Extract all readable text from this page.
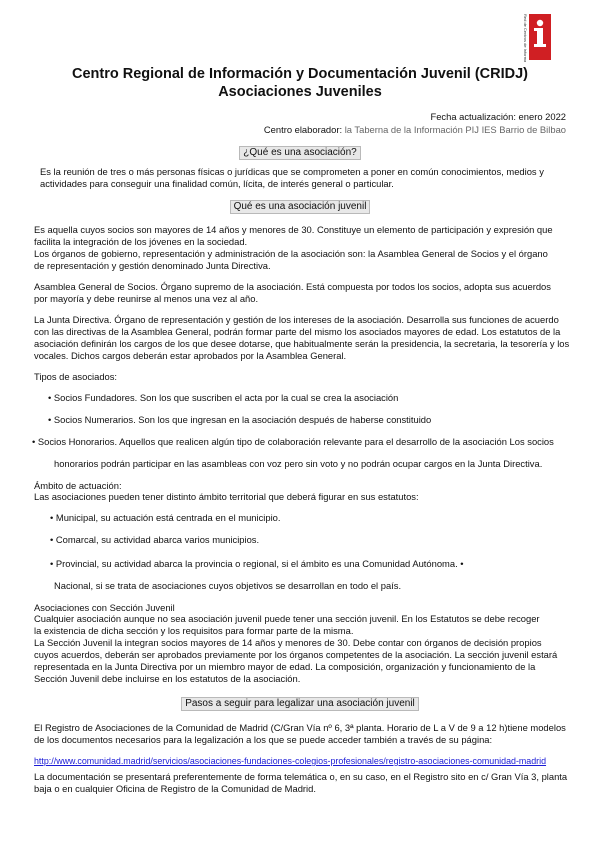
Red de Centros de Información Juvenil
Centro Regional de Información y Documentación Juvenil (CRIDJ)
Asociaciones Juveniles
Fecha actualización: enero 2022
Centro elaborador: la Taberna de la Información PIJ IES Barrio de Bilbao
¿Qué es una asociación?
Es la reunión de tres o más personas físicas o jurídicas que se comprometen a poner en común conocimientos, medios y
actividades para conseguir una finalidad común, lícita, de interés general o particular.
Qué es una asociación juvenil
Es aquella cuyos socios son mayores de 14 años y menores de 30. Constituye un elemento de participación y expresión que
facilita la integración de los jóvenes en la sociedad.
Los órganos de gobierno, representación y administración de la asociación son: la Asamblea General de Socios y el órgano
de representación y gestión denominado Junta Directiva.
Asamblea General de Socios. Órgano supremo de la asociación. Está compuesta por todos los socios, adopta sus acuerdos
por mayoría y debe reunirse al menos una vez al año.
La Junta Directiva. Órgano de representación y gestión de los intereses de la asociación. Desarrolla sus funciones de acuerdo
con las directivas de la Asamblea General, podrán formar parte del mismo los asociados mayores de edad. Los estatutos de la
asociación definirán los cargos de los que desee dotarse, que habitualmente serán la presidencia, la secretaria, la tesorería y los
vocales. Dichos cargos deberán estar aprobados por la Asamblea General.
Tipos de asociados:
• Socios Fundadores. Son los que suscriben el acta por la cual se crea la asociación
• Socios Numerarios. Son los que ingresan en la asociación después de haberse constituido
• Socios Honorarios. Aquellos que realicen algún tipo de colaboración relevante para el desarrollo de la asociación Los socios
honorarios podrán participar en las asambleas con voz pero sin voto y no podrán ocupar cargos en la Junta Directiva.
Ámbito de actuación:
Las asociaciones pueden tener distinto ámbito territorial que deberá figurar en sus estatutos:
• Municipal, su actuación está centrada en el municipio.
• Comarcal, su actividad abarca varios municipios.
• Provincial, su actividad abarca la provincia o regional, si el ámbito es una Comunidad Autónoma. •
Nacional, si se trata de asociaciones cuyos objetivos se desarrollan en todo el país.
Asociaciones con Sección Juvenil
Cualquier asociación aunque no sea asociación juvenil puede tener una sección juvenil. En los Estatutos se debe recoger
la existencia de dicha sección y los requisitos para formar parte de la misma.
La Sección Juvenil la integran socios mayores de 14 años y menores de 30. Debe contar con órganos de decisión propios
cuyos acuerdos, deberán ser aprobados previamente por los órganos competentes de la asociación. La sección juvenil estará
representada en la Junta Directiva por un miembro mayor de edad. La composición, organización y funcionamiento de la
Sección Juvenil debe incluirse en los estatutos de la asociación.
Pasos a seguir para legalizar una asociación juvenil
El Registro de Asociaciones de la Comunidad de Madrid (C/Gran Vía nº 6, 3ª planta. Horario de L a V de 9 a 12 h)tiene modelos
de los documentos necesarios para la legalización a los que se puede acceder también a través de su página:
http://www.comunidad.madrid/servicios/asociaciones-fundaciones-colegios-profesionales/registro-asociaciones-comunidad-madrid
La documentación se presentará preferentemente de forma telemática o, en su caso, en el Registro sito en c/ Gran Vía 3, planta
baja o en cualquier Oficina de Registro de la Comunidad de Madrid.
